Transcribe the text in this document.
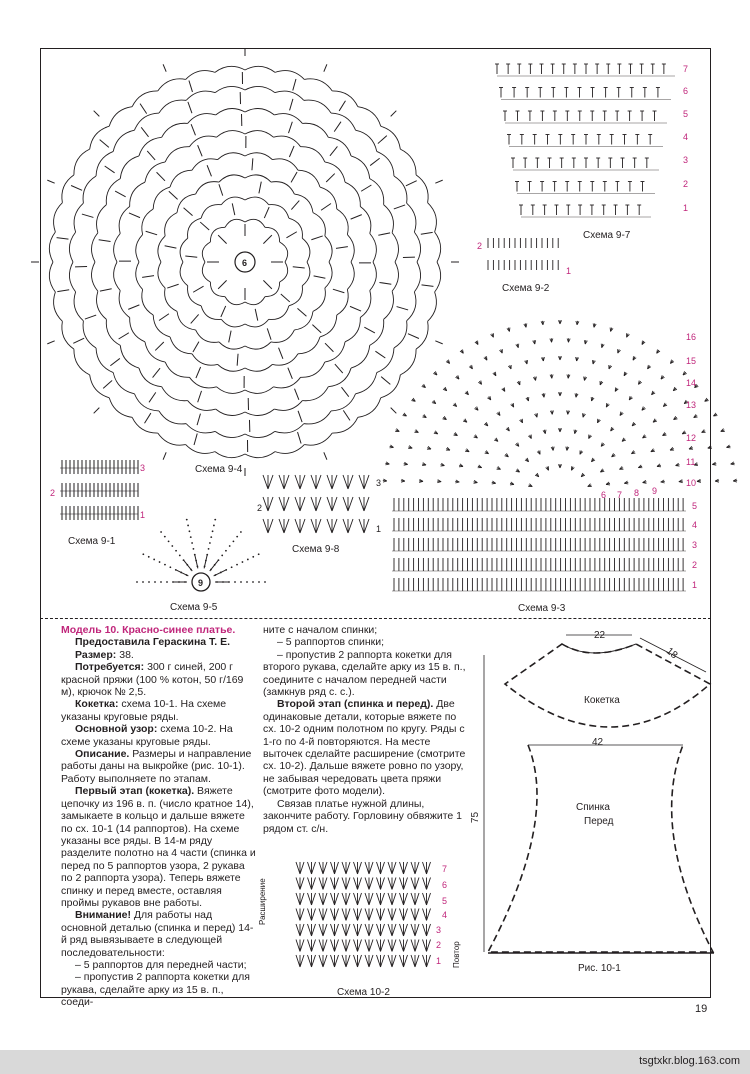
Схема 9-4
Схема 9-7
Схема 9-2
Схема 9-1
Схема 9-8
Схема 9-5	Схема 9-3
Схема 10-2
6
9
7
6
5
4
3
2
1
2
1
3
2
1
3
2
1
16
15
14
13
12
11
10
9
8
7
6
5
4
3
2
1
7
6
5
4
3
2
1
Расширение
Повтор
22
18
Кокетка
42
Спинка
Перед
75
Рис. 10-1

Модель 10. Красно-синее платье.

Предоставила Гераскина Т. Е.

Размер: 38.

Потребуется: 300 г синей, 200 г красной пряжи (100 % котон, 50 г/169 м), крючок № 2,5.

Кокетка: схема 10-1. На схеме указаны круговые ряды.

Основной узор: схема 10-2. На схеме указаны круговые ряды.

Описание. Размеры и направление работы даны на выкройке (рис. 10-1). Работу выполняете по этапам.

Первый этап (кокетка). Вяжете цепочку из 196 в. п. (число кратное 14), замыкаете в кольцо и дальше вяжете по сх. 10-1 (14 раппортов). На схеме указаны все ряды. В 14-м ряду разделите полотно на 4 части (спинка и перед по 5 раппортов узора, 2 рукава по 2 раппорта узора). Теперь вяжете спинку и перед вместе, оставляя проймы рукавов вне работы.

Внимание! Для работы над основной деталью (спинка и перед) 14-й ряд вывязываете в следующей последовательности:

– 5 раппортов для передней части;

– пропустив 2 раппорта кокетки для рукава, сделайте арку из 15 в. п., соеди-

ните с началом спинки;

– 5 раппортов спинки;

– пропустив 2 раппорта кокетки для второго рукава, сделайте арку из 15 в. п., соедините с началом передней части (замкнув ряд с. с.).

Второй этап (спинка и перед). Две одинаковые детали, которые вяжете по сх. 10-2 одним полотном по кругу. Ряды с 1-го по 4-й повторяются. На месте выточек сделайте расширение (смотрите сх. 10-2). Дальше вяжете ровно по узору, не забывая чередовать цвета пряжи (смотрите фото модели).

Связав платье нужной длины, закончите работу. Горловину обвяжите 1 рядом ст. с/н.

19
tsgtxkr.blog.163.com
